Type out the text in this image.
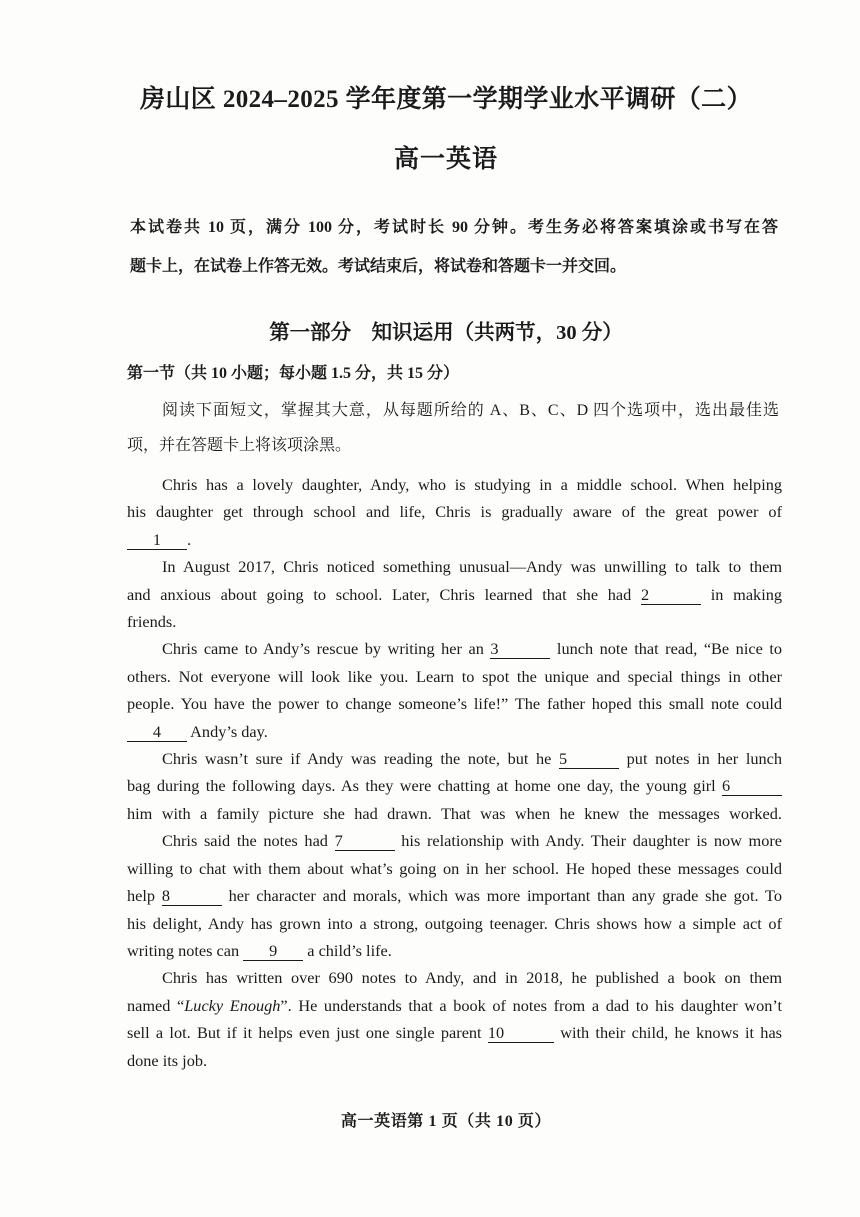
房山区 2024–2025 学年度第一学期学业水平调研（二）
高一英语
本试卷共 10 页，满分 100 分，考试时长 90 分钟。考生务必将答案填涂或书写在答
题卡上，在试卷上作答无效。考试结束后，将试卷和答题卡一并交回。
第一部分　知识运用（共两节，30 分）
第一节（共 10 小题；每小题 1.5 分，共 15 分）
阅读下面短文，掌握其大意，从每题所给的 A、B、C、D 四个选项中，选出最佳选
项，并在答题卡上将该项涂黑。
Chris has a lovely daughter, Andy, who is studying in a middle school. When helping
his daughter get through school and life, Chris is gradually aware of the great power of
1 .
In August 2017, Chris noticed something unusual—Andy was unwilling to talk to them
and anxious about going to school. Later, Chris learned that she had 2	in making
friends.
Chris came to Andy’s rescue by writing her an 3	lunch note that read, “Be nice to
others. Not everyone will look like you. Learn to spot the unique and special things in other
people. You have the power to change someone’s life!” The father hoped this small note could
4 Andy’s day.
Chris wasn’t sure if Andy was reading the note, but he 5	put notes in her lunch
bag during the following days. As they were chatting at home one day, the young girl 6
him with a family picture she had drawn. That was when he knew the messages worked.
Chris said the notes had 7	his relationship with Andy. Their daughter is now more
willing to chat with them about what’s going on in her school. He hoped these messages could
help 8	her character and morals, which was more important than any grade she got. To
his delight, Andy has grown into a strong, outgoing teenager. Chris shows how a simple act of
writing notes can 9 a child’s life.
Chris has written over 690 notes to Andy, and in 2018, he published a book on them
named “Lucky Enough”. He understands that a book of notes from a dad to his daughter won’t
sell a lot. But if it helps even just one single parent 10	with their child, he knows it has
done its job.
高一英语第 1 页（共 10 页）
